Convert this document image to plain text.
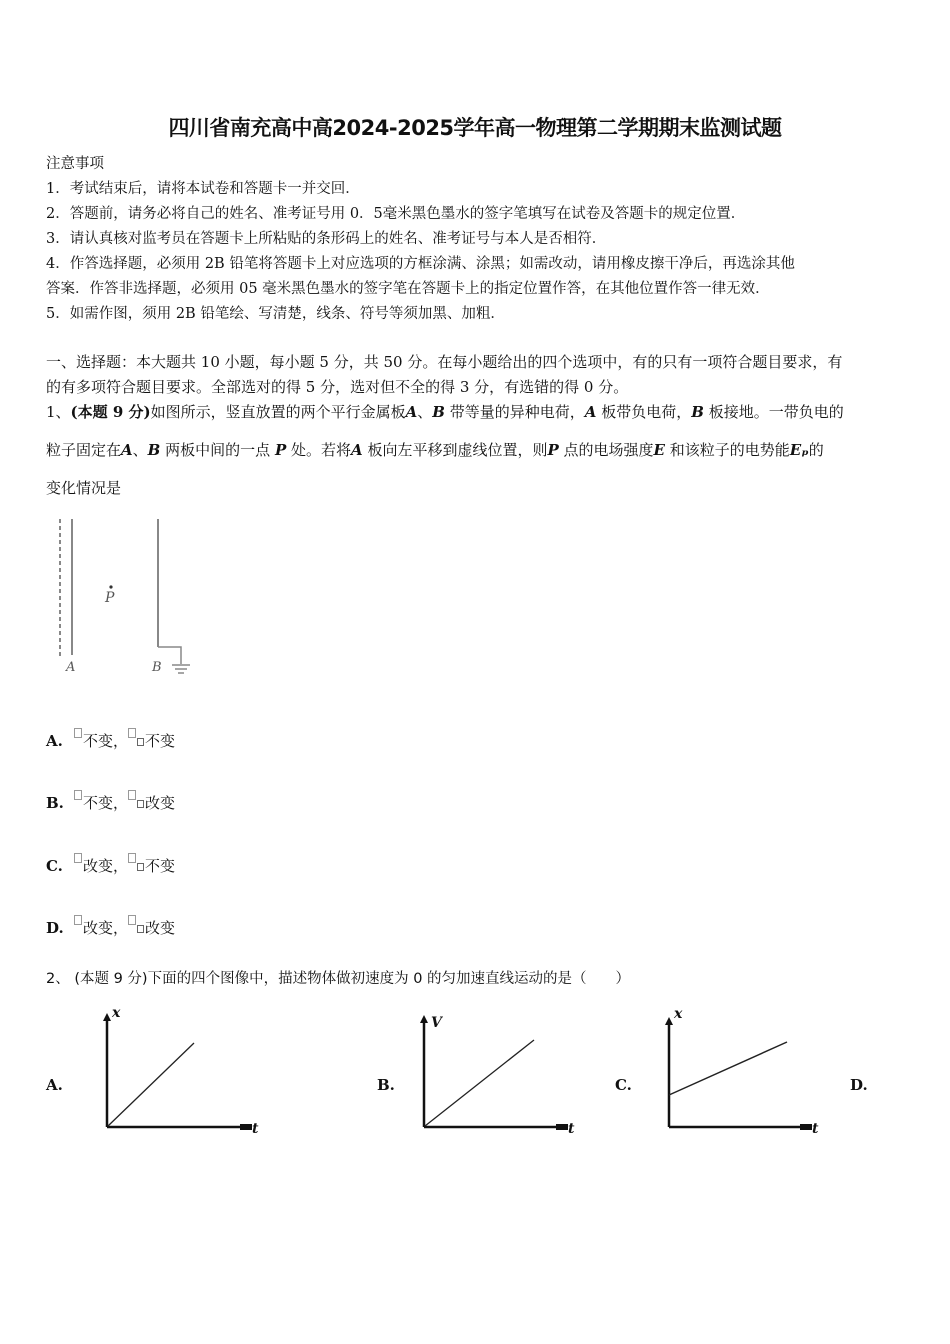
四川省南充高中高2024-2025学年高一物理第二学期期末监测试题
注意事项
1．考试结束后，请将本试卷和答题卡一并交回．
2．答题前，请务必将自己的姓名、准考证号用 0．5毫米黑色墨水的签字笔填写在试卷及答题卡的规定位置．
3．请认真核对监考员在答题卡上所粘贴的条形码上的姓名、准考证号与本人是否相符．
4．作答选择题，必须用 2B 铅笔将答题卡上对应选项的方框涂满、涂黑；如需改动，请用橡皮擦干净后，再选涂其他
答案．作答非选择题，必须用 05 毫米黑色墨水的签字笔在答题卡上的指定位置作答，在其他位置作答一律无效．
5．如需作图，须用 2B 铅笔绘、写清楚，线条、符号等须加黑、加粗．
一、选择题：本大题共 10 小题，每小题 5 分，共 50 分。在每小题给出的四个选项中，有的只有一项符合题目要求，有
的有多项符合题目要求。全部选对的得 5 分，选对但不全的得 3 分，有选错的得 0 分。
1、(本题 9 分)如图所示，竖直放置的两个平行金属板A、B 带等量的异种电荷，A 板带负电荷，B 板接地。一带负电的
粒子固定在A、B 两板中间的一点 P 处。若将A 板向左平移到虚线位置，则P 点的电场强度E 和该粒子的电势能Eₚ的
变化情况是
P
A	B
A. 不变， 不变
B. 不变， 改变
C. 改变， 不变
D. 改变， 改变
2、 (本题 9 分)下面的四个图像中，描述物体做初速度为 0 的匀加速直线运动的是（　　）
A.	B.	C.	D.
x
t
V
t
x
t
